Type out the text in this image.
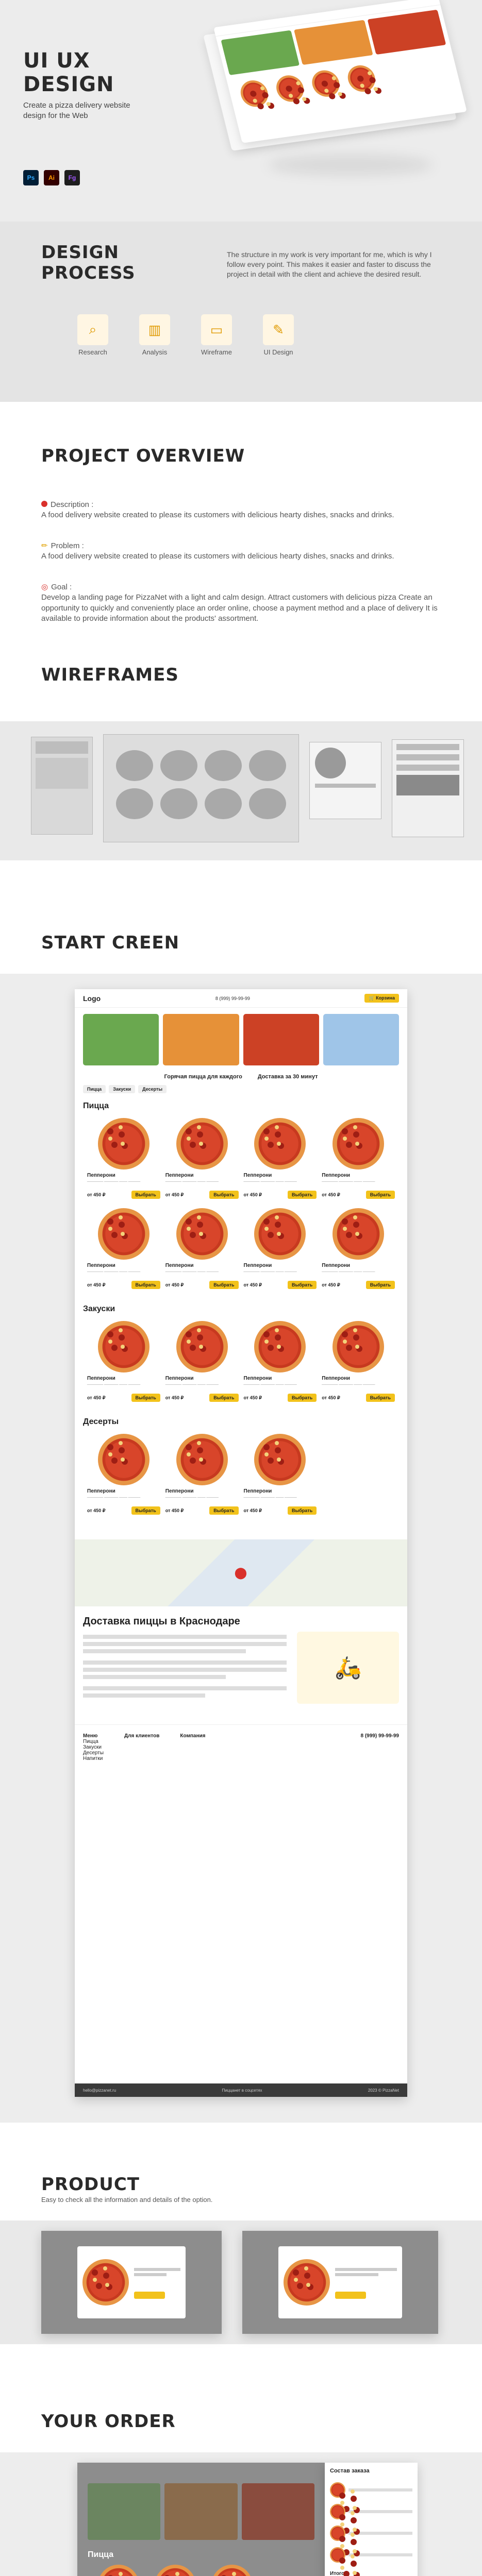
UI UX
DESIGN
Create a pizza delivery website
design for the Web
Ps Ai Fg
DESIGN
PROCESS

The structure in my work is very important for me, which is why I follow every point. This makes it easier and faster to discuss the project in detail with the client and achieve the desired result.

⌕
Research
▥
Analysis
▭
Wireframe
✎
UI Design
PROJECT OVERVIEW
Description :
A food delivery website created to please its customers with delicious hearty dishes, snacks and drinks.
✏ Problem :
A food delivery website created to please its customers with delicious hearty dishes, snacks and drinks.
◎ Goal :
Develop a landing page for PizzaNet with a light and calm design. Attract customers with delicious pizza Create an opportunity to quickly and conveniently place an order online, choose a payment method and a place of delivery It is available to provide information about the products' assortment.
WIREFRAMES
START CREEN
Logo	8 (999) 99-99-99	🛒 Корзина
Горячая пицца для каждого	Доставка за 30 минут
Пицца	Закуски	Десерты
Пицца
Пепперони
________ _______ ____ ______
от 450 ₽	Выбрать
Пепперони
________ _______ ____ ______
от 450 ₽	Выбрать
Пепперони
________ _______ ____ ______
от 450 ₽	Выбрать
Пепперони
________ _______ ____ ______
от 450 ₽	Выбрать
Пепперони
________ _______ ____ ______
от 450 ₽	Выбрать
Пепперони
________ _______ ____ ______
от 450 ₽	Выбрать
Пепперони
________ _______ ____ ______
от 450 ₽	Выбрать
Пепперони
________ _______ ____ ______
от 450 ₽	Выбрать
Закуски
Пепперони
________ _______ ____ ______
от 450 ₽	Выбрать
Пепперони
________ _______ ____ ______
от 450 ₽	Выбрать
Пепперони
________ _______ ____ ______
от 450 ₽	Выбрать
Пепперони
________ _______ ____ ______
от 450 ₽	Выбрать
Десерты
Пепперони
________ _______ ____ ______
от 450 ₽	Выбрать
Пепперони
________ _______ ____ ______
от 450 ₽	Выбрать
Пепперони
________ _______ ____ ______
от 450 ₽	Выбрать
⬤
Доставка пиццы в Краснодаре
🛵
Меню
Пицца
Закуски
Десерты
Напитки
Для клиентов	Компания	8 (999) 99-99-99
hello@pizzanet.ru	Пиццанет в соцсетях	2023 © PizzaNet
PRODUCT
Easy to check all the information and details of the option.
YOUR ORDER
Пицца
Состав заказа
Итого
